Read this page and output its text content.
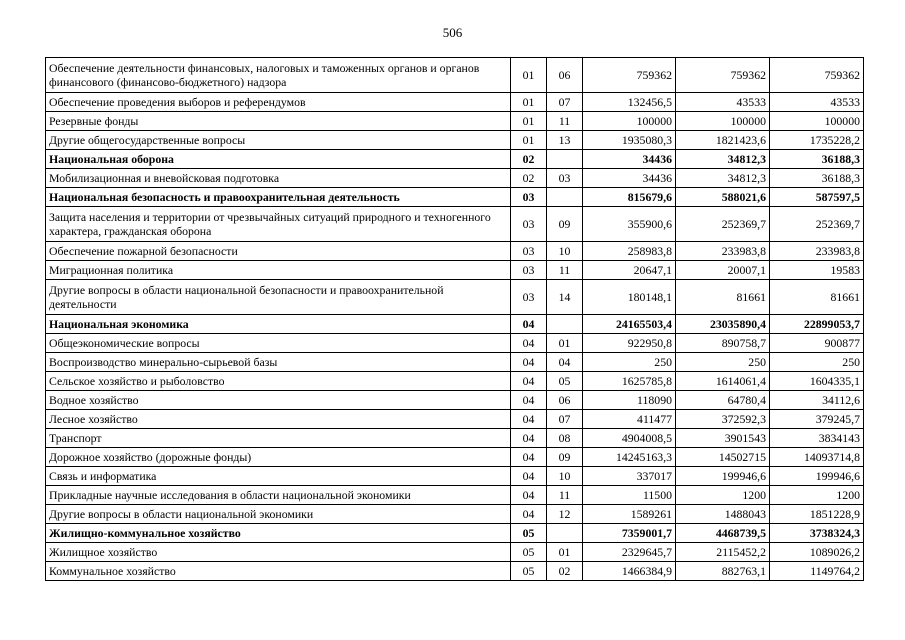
506
Обеспечение деятельности финансовых, налоговых и таможенных органов и органов финансового (финансово-бюджетного) надзора	01	06	759362	759362	759362
Обеспечение проведения выборов и референдумов	01	07	132456,5	43533	43533
Резервные фонды	01	11	100000	100000	100000
Другие общегосударственные вопросы	01	13	1935080,3	1821423,6	1735228,2
Национальная оборона	02		34436	34812,3	36188,3
Мобилизационная и вневойсковая подготовка	02	03	34436	34812,3	36188,3
Национальная безопасность и правоохранительная деятельность	03		815679,6	588021,6	587597,5
Защита населения и территории от чрезвычайных ситуаций природного и техногенного характера, гражданская оборона	03	09	355900,6	252369,7	252369,7
Обеспечение пожарной безопасности	03	10	258983,8	233983,8	233983,8
Миграционная политика	03	11	20647,1	20007,1	19583
Другие вопросы в области национальной безопасности и правоохранительной деятельности	03	14	180148,1	81661	81661
Национальная экономика	04		24165503,4	23035890,4	22899053,7
Общеэкономические вопросы	04	01	922950,8	890758,7	900877
Воспроизводство минерально-сырьевой базы	04	04	250	250	250
Сельское хозяйство и рыболовство	04	05	1625785,8	1614061,4	1604335,1
Водное хозяйство	04	06	118090	64780,4	34112,6
Лесное хозяйство	04	07	411477	372592,3	379245,7
Транспорт	04	08	4904008,5	3901543	3834143
Дорожное хозяйство (дорожные фонды)	04	09	14245163,3	14502715	14093714,8
Связь и информатика	04	10	337017	199946,6	199946,6
Прикладные научные исследования в области национальной экономики	04	11	11500	1200	1200
Другие вопросы в области национальной экономики	04	12	1589261	1488043	1851228,9
Жилищно-коммунальное хозяйство	05		7359001,7	4468739,5	3738324,3
Жилищное хозяйство	05	01	2329645,7	2115452,2	1089026,2
Коммунальное хозяйство	05	02	1466384,9	882763,1	1149764,2
